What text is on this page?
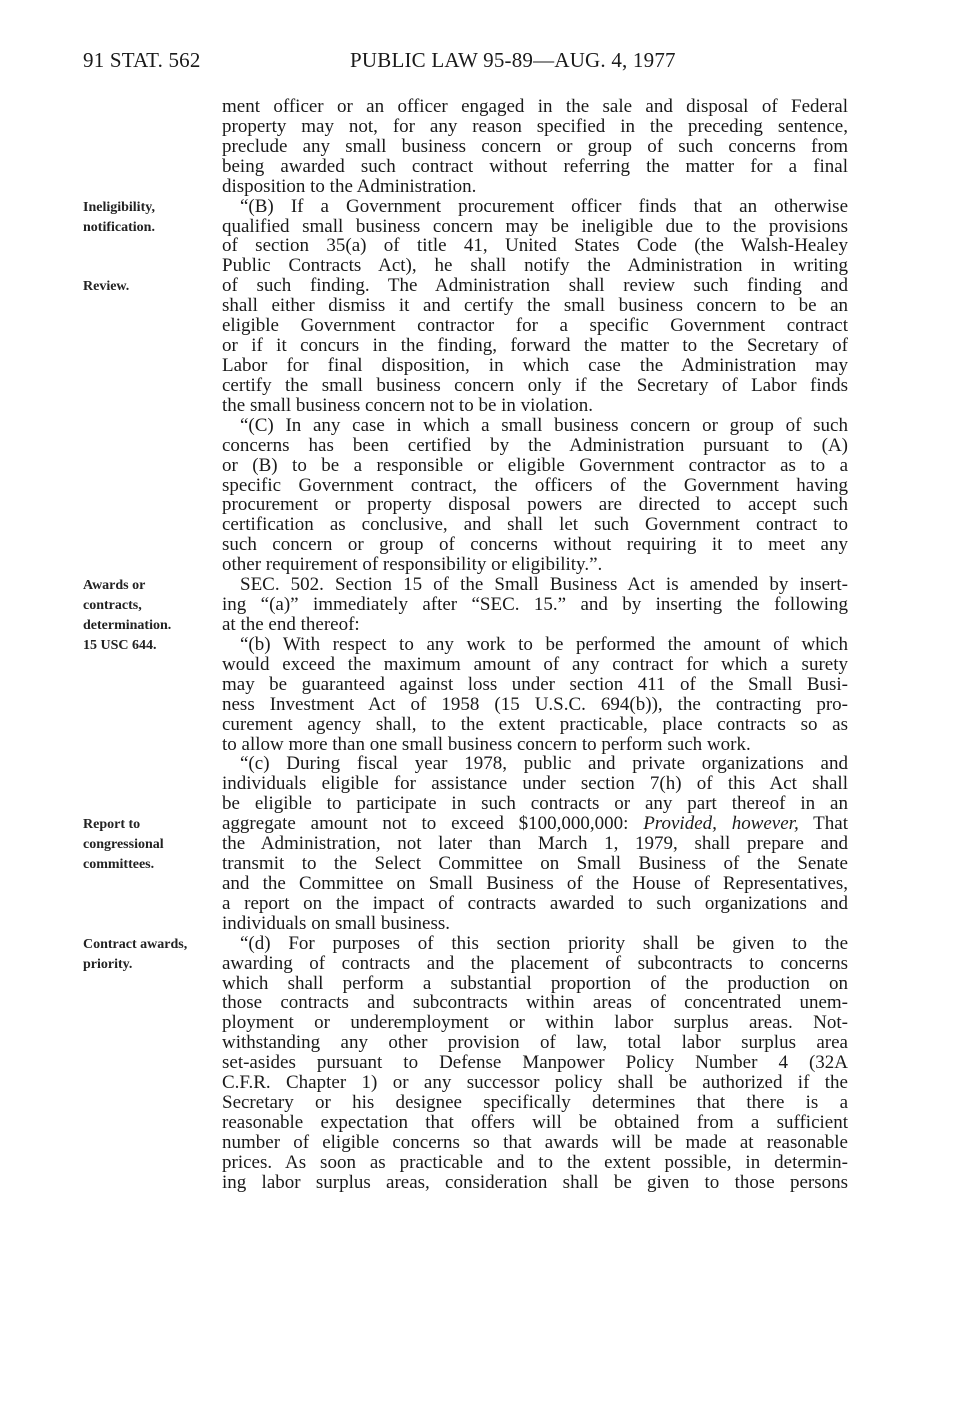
91 STAT. 562	PUBLIC LAW 95-89—AUG. 4, 1977
Ineligibility,
notification.
Review.
Awards or
contracts,
determination.
15 USC 644.
Report to
congressional
committees.
Contract awards,
priority.
ment officer or an officer engaged in the sale and disposal of Federal
property may not, for any reason specified in the preceding sentence,
preclude any small business concern or group of such concerns from
being awarded such contract without referring the matter for a final
disposition to the Administration.
“(B) If a Government procurement officer finds that an otherwise
qualified small business concern may be ineligible due to the provisions
of section 35(a) of title 41, United States Code (the Walsh-Healey
Public Contracts Act), he shall notify the Administration in writing
of such finding. The Administration shall review such finding and
shall either dismiss it and certify the small business concern to be an
eligible Government contractor for a specific Government contract
or if it concurs in the finding, forward the matter to the Secretary of
Labor for final disposition, in which case the Administration may
certify the small business concern only if the Secretary of Labor finds
the small business concern not to be in violation.
“(C) In any case in which a small business concern or group of such
concerns has been certified by the Administration pursuant to (A)
or (B) to be a responsible or eligible Government contractor as to a
specific Government contract, the officers of the Government having
procurement or property disposal powers are directed to accept such
certification as conclusive, and shall let such Government contract to
such concern or group of concerns without requiring it to meet any
other requirement of responsibility or eligibility.”.
SEC. 502. Section 15 of the Small Business Act is amended by insert-
ing “(a)” immediately after “SEC. 15.” and by inserting the following
at the end thereof:
“(b) With respect to any work to be performed the amount of which
would exceed the maximum amount of any contract for which a surety
may be guaranteed against loss under section 411 of the Small Busi-
ness Investment Act of 1958 (15 U.S.C. 694(b)), the contracting pro-
curement agency shall, to the extent practicable, place contracts so as
to allow more than one small business concern to perform such work.
“(c) During fiscal year 1978, public and private organizations and
individuals eligible for assistance under section 7(h) of this Act shall
be eligible to participate in such contracts or any part thereof in an
aggregate amount not to exceed $100,000,000: Provided, however, That
the Administration, not later than March 1, 1979, shall prepare and
transmit to the Select Committee on Small Business of the Senate
and the Committee on Small Business of the House of Representatives,
a report on the impact of contracts awarded to such organizations and
individuals on small business.
“(d) For purposes of this section priority shall be given to the
awarding of contracts and the placement of subcontracts to concerns
which shall perform a substantial proportion of the production on
those contracts and subcontracts within areas of concentrated unem-
ployment or underemployment or within labor surplus areas. Not-
withstanding any other provision of law, total labor surplus area
set-asides pursuant to Defense Manpower Policy Number 4 (32A
C.F.R. Chapter 1) or any successor policy shall be authorized if the
Secretary or his designee specifically determines that there is a
reasonable expectation that offers will be obtained from a sufficient
number of eligible concerns so that awards will be made at reasonable
prices. As soon as practicable and to the extent possible, in determin-
ing labor surplus areas, consideration shall be given to those persons
